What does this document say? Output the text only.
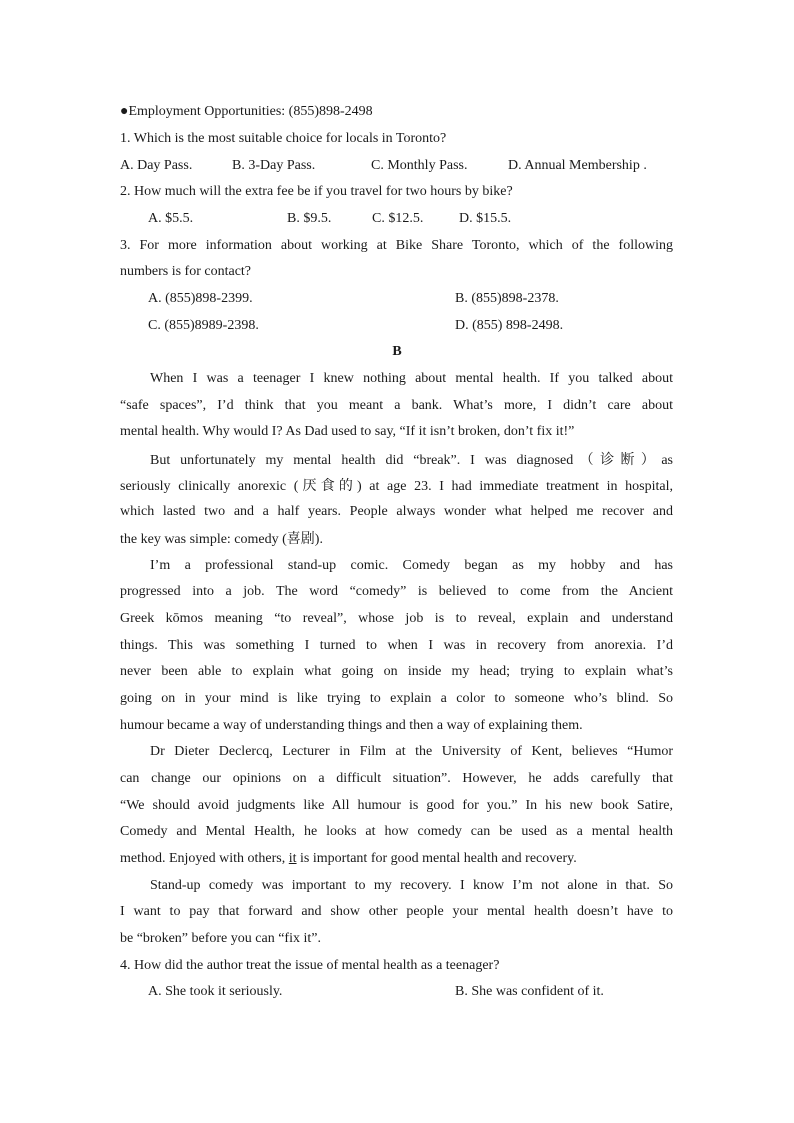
●Employment Opportunities: (855)898-2498
1. Which is the most suitable choice for locals in Toronto?
A. Day Pass.	B. 3-Day Pass.	C. Monthly Pass.	D. Annual Membership .
2. How much will the extra fee be if you travel for two hours by bike?
A. $5.5.	B. $9.5.	C. $12.5.	D. $15.5.
3. For more information about working at Bike Share Toronto, which of the following
numbers is for contact?
A. (855)898-2399.	B. (855)898-2378.
C. (855)8989-2398.	D. (855) 898-2498.
B
When I was a teenager I knew nothing about mental health. If you talked about
“safe spaces”, I’d think that you meant a bank. What’s more, I didn’t care about
mental health. Why would I? As Dad used to say, “If it isn’t broken, don’t fix it!”
But unfortunately my mental health did “break”. I was diagnosed（诊断）as
seriously clinically anorexic (厌食的) at age 23. I had immediate treatment in hospital,
which lasted two and a half years. People always wonder what helped me recover and
the key was simple: comedy (喜剧).
I’m a professional stand-up comic. Comedy began as my hobby and has
progressed into a job. The word “comedy” is believed to come from the Ancient
Greek kōmos meaning “to reveal”, whose job is to reveal, explain and understand
things. This was something I turned to when I was in recovery from anorexia. I’d
never been able to explain what going on inside my head; trying to explain what’s
going on in your mind is like trying to explain a color to someone who’s blind. So
humour became a way of understanding things and then a way of explaining them.
Dr Dieter Declercq, Lecturer in Film at the University of Kent, believes “Humor
can change our opinions on a difficult situation”. However, he adds carefully that
“We should avoid judgments like All humour is good for you.” In his new book Satire,
Comedy and Mental Health, he looks at how comedy can be used as a mental health
method. Enjoyed with others, it is important for good mental health and recovery.
Stand-up comedy was important to my recovery. I know I’m not alone in that. So
I want to pay that forward and show other people your mental health doesn’t have to
be “broken” before you can “fix it”.
4. How did the author treat the issue of mental health as a teenager?
A. She took it seriously.	B. She was confident of it.
